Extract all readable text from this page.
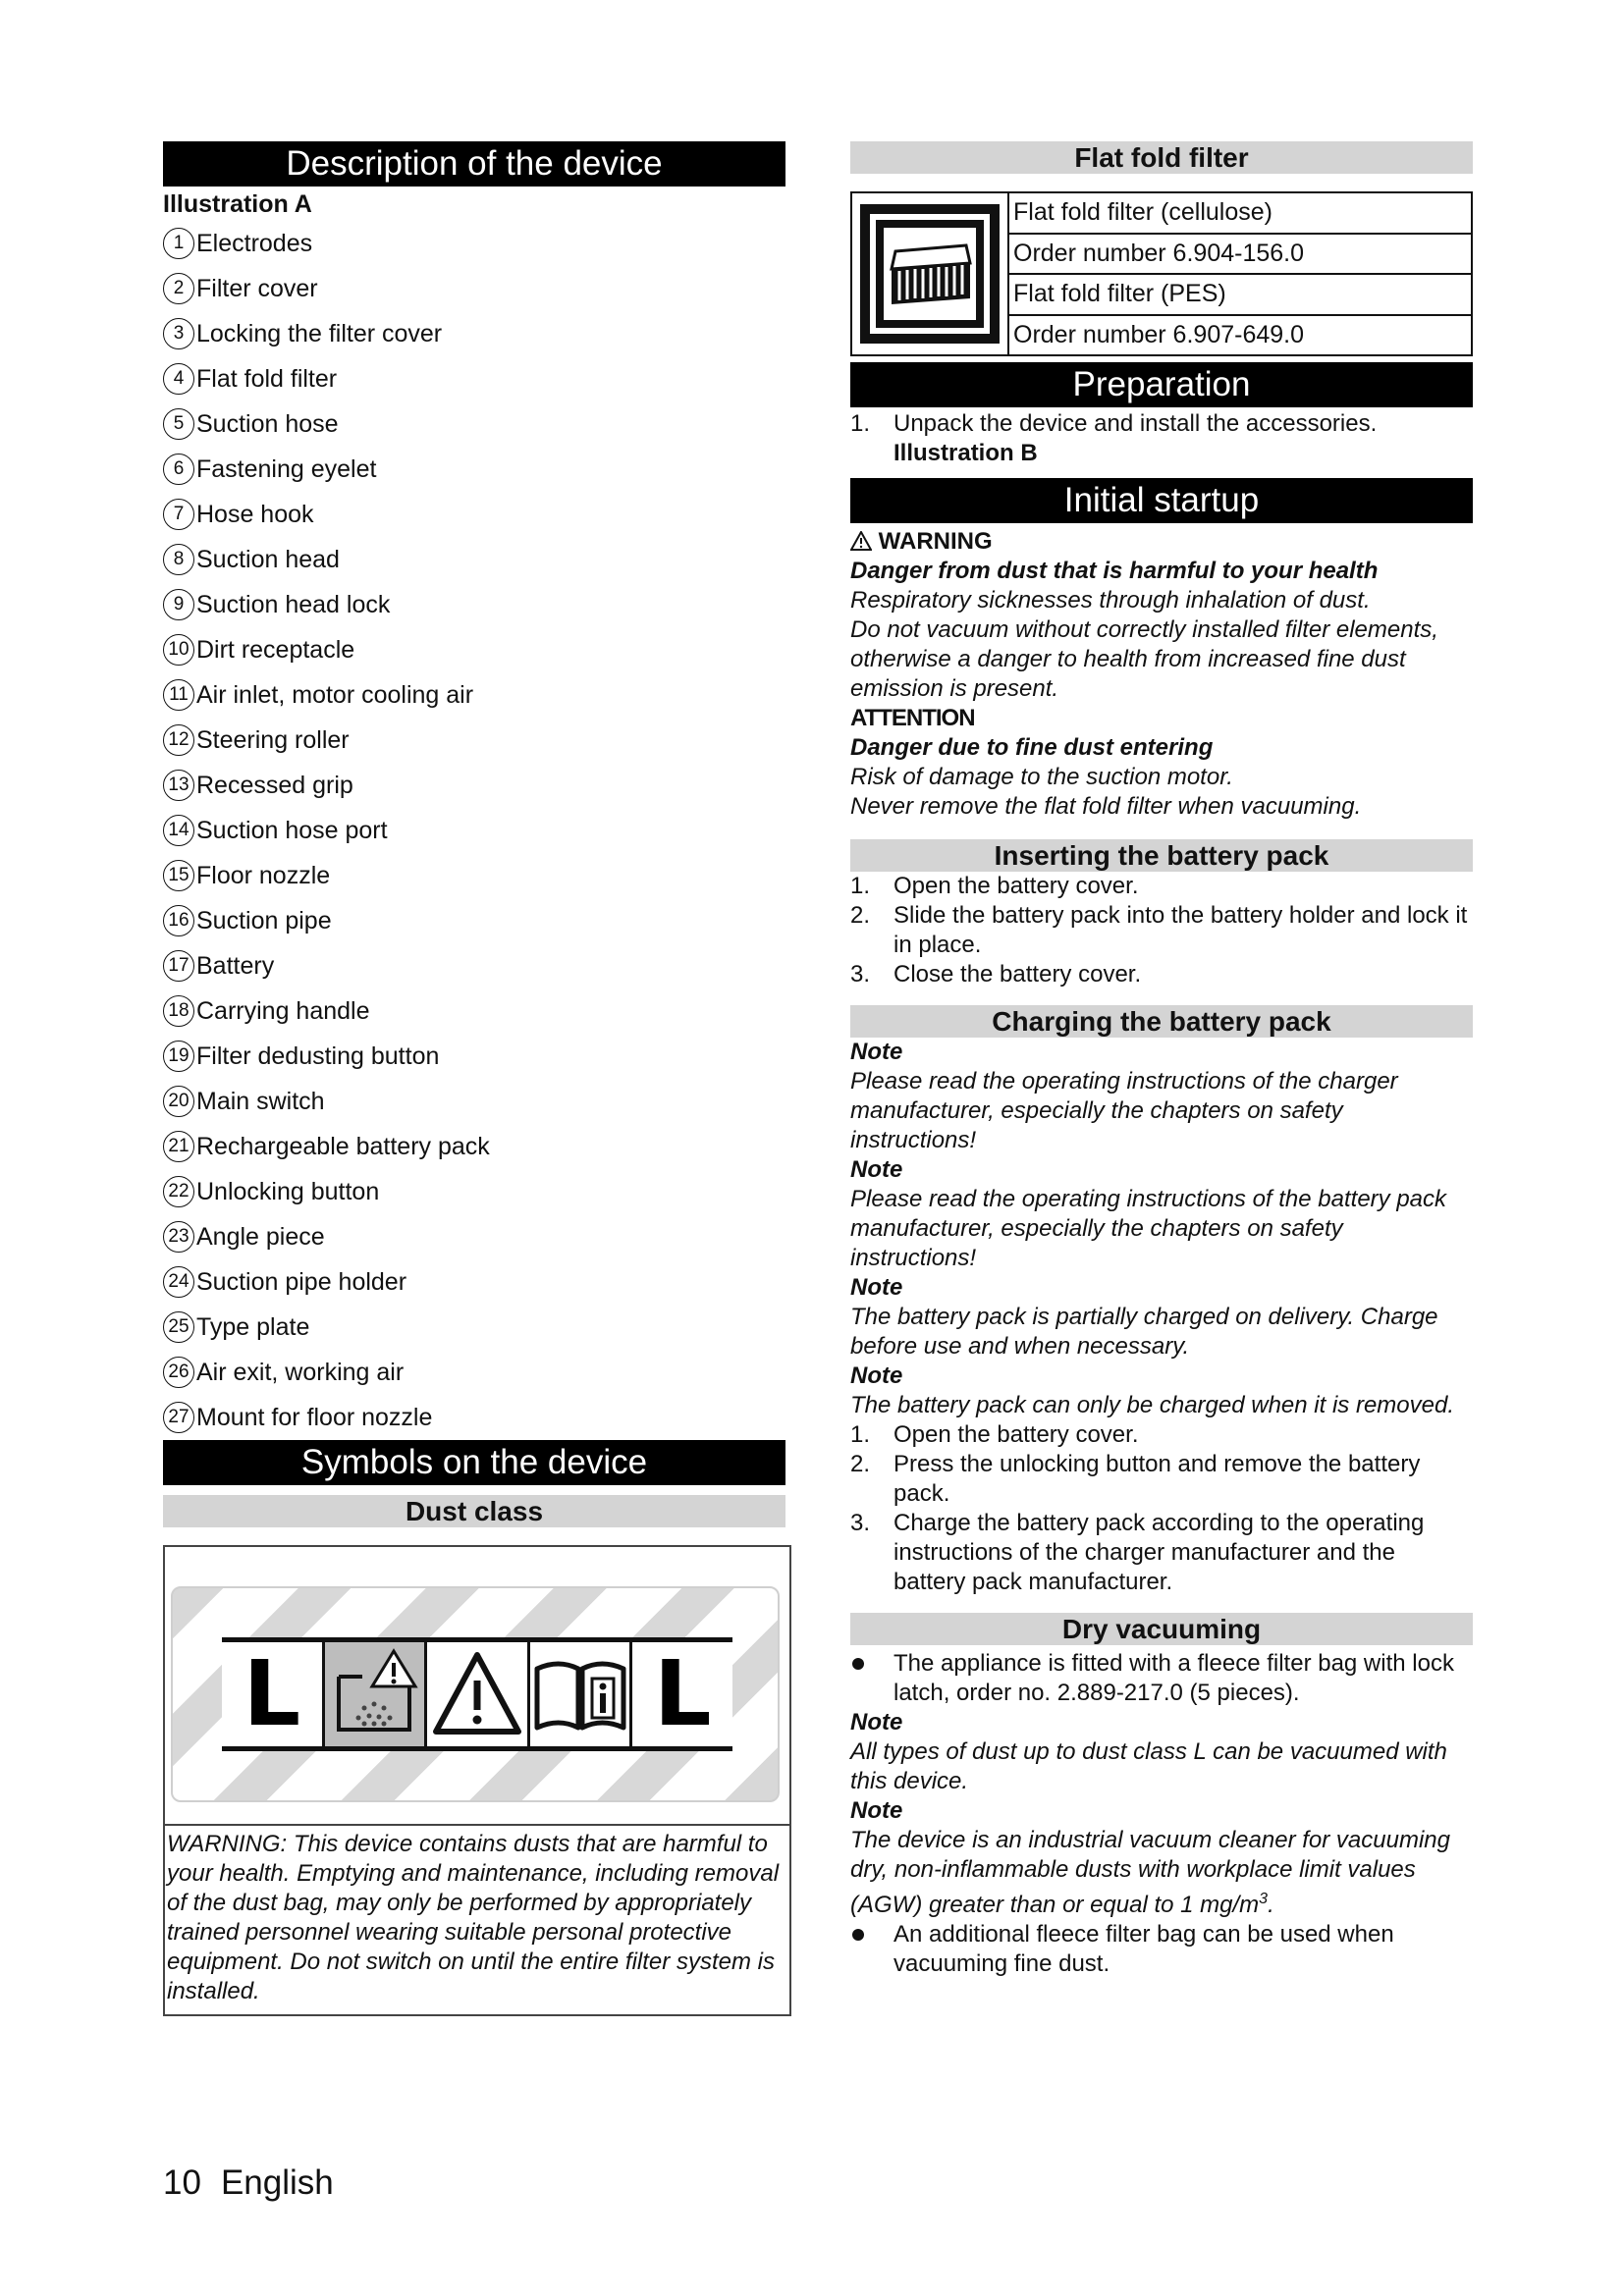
Description of the device
Illustration A
1 Electrodes
2 Filter cover
3 Locking the filter cover
4 Flat fold filter
5 Suction hose
6 Fastening eyelet
7 Hose hook
8 Suction head
9 Suction head lock
10 Dirt receptacle
11 Air inlet, motor cooling air
12 Steering roller
13 Recessed grip
14 Suction hose port
15 Floor nozzle
16 Suction pipe
17 Battery
18 Carrying handle
19 Filter dedusting button
20 Main switch
21 Rechargeable battery pack
22 Unlocking button
23 Angle piece
24 Suction pipe holder
25 Type plate
26 Air exit, working air
27 Mount for floor nozzle
Symbols on the device
Dust class
L	L
WARNING: This device contains dusts that are harmful to your health. Emptying and maintenance, including removal of the dust bag, may only be performed by appropriately trained personnel wearing suitable personal protective equipment. Do not switch on until the entire filter system is installed.
Flat fold filter
Flat fold filter (cellulose)
Order number 6.904-156.0
Flat fold filter (PES)
Order number 6.907-649.0
Preparation
1. Unpack the device and install the accessories.
Illustration B
Initial startup
WARNING
Danger from dust that is harmful to your health
Respiratory sicknesses through inhalation of dust.
Do not vacuum without correctly installed filter elements, otherwise a danger to health from increased fine dust emission is present.
ATTENTION
Danger due to fine dust entering
Risk of damage to the suction motor.
Never remove the flat fold filter when vacuuming.
Inserting the battery pack
1. Open the battery cover.
2. Slide the battery pack into the battery holder and lock it in place.
3. Close the battery cover.
Charging the battery pack
Note
Please read the operating instructions of the charger manufacturer, especially the chapters on safety instructions!
Note
Please read the operating instructions of the battery pack manufacturer, especially the chapters on safety instructions!
Note
The battery pack is partially charged on delivery. Charge before use and when necessary.
Note
The battery pack can only be charged when it is removed.
1. Open the battery cover.
2. Press the unlocking button and remove the battery pack.
3. Charge the battery pack according to the operating instructions of the charger manufacturer and the battery pack manufacturer.
Dry vacuuming
The appliance is fitted with a fleece filter bag with lock latch, order no. 2.889-217.0 (5 pieces).
Note
All types of dust up to dust class L can be vacuumed with this device.
Note
The device is an industrial vacuum cleaner for vacuuming dry, non-inflammable dusts with workplace limit values (AGW) greater than or equal to 1 $mg/m^3$.
An additional fleece filter bag can be used when vacuuming fine dust.
10 English
